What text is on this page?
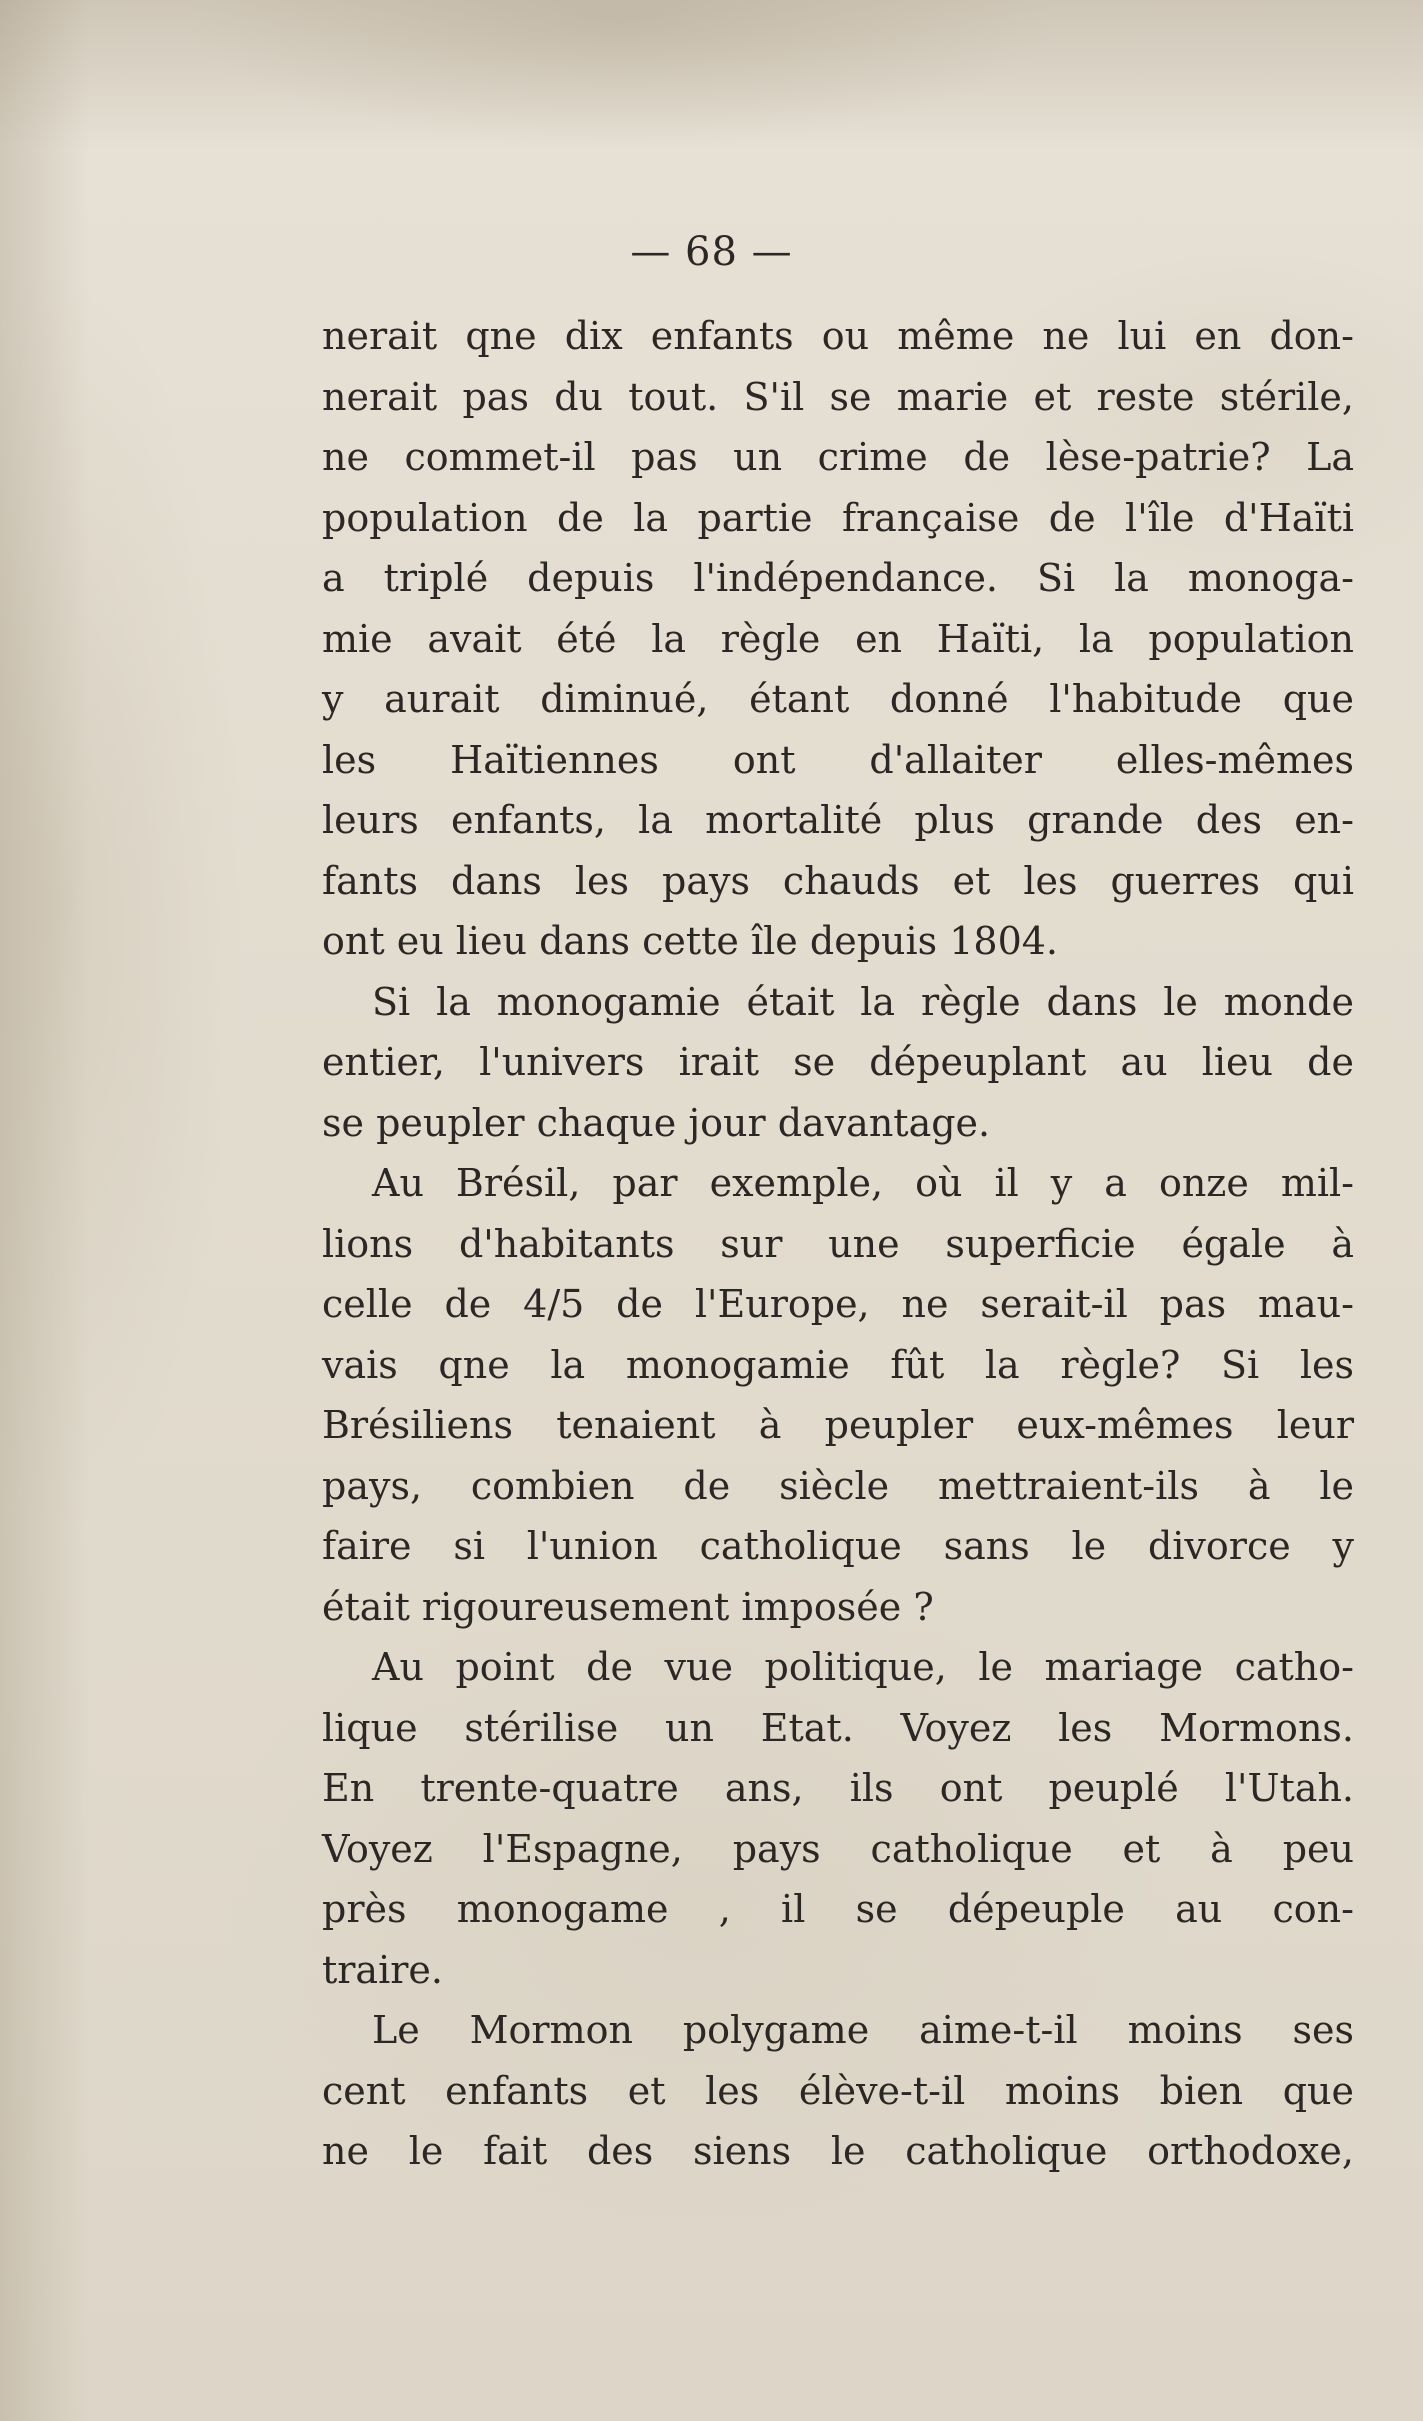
— 68 —
nerait qne dix enfants ou même ne lui en don-
nerait pas du tout. S'il se marie et reste stérile,
ne commet-il pas un crime de lèse-patrie? La
population de la partie française de l'île d'Haïti
a triplé depuis l'indépendance. Si la monoga-
mie avait été la règle en Haïti, la population
y aurait diminué, étant donné l'habitude que
les Haïtiennes ont d'allaiter elles-mêmes
leurs enfants, la mortalité plus grande des en-
fants dans les pays chauds et les guerres qui
ont eu lieu dans cette île depuis 1804.
Si la monogamie était la règle dans le monde
entier, l'univers irait se dépeuplant au lieu de
se peupler chaque jour davantage.
Au Brésil, par exemple, où il y a onze mil-
lions d'habitants sur une superficie égale à
celle de 4/5 de l'Europe, ne serait-il pas mau-
vais qne la monogamie fût la règle? Si les
Brésiliens tenaient à peupler eux-mêmes leur
pays, combien de siècle mettraient-ils à le
faire si l'union catholique sans le divorce y
était rigoureusement imposée ?
Au point de vue politique, le mariage catho-
lique stérilise un Etat. Voyez les Mormons.
En trente-quatre ans, ils ont peuplé l'Utah.
Voyez l'Espagne, pays catholique et à peu
près monogame , il se dépeuple au con-
traire.
Le Mormon polygame aime-t-il moins ses
cent enfants et les élève-t-il moins bien que
ne le fait des siens le catholique orthodoxe,
